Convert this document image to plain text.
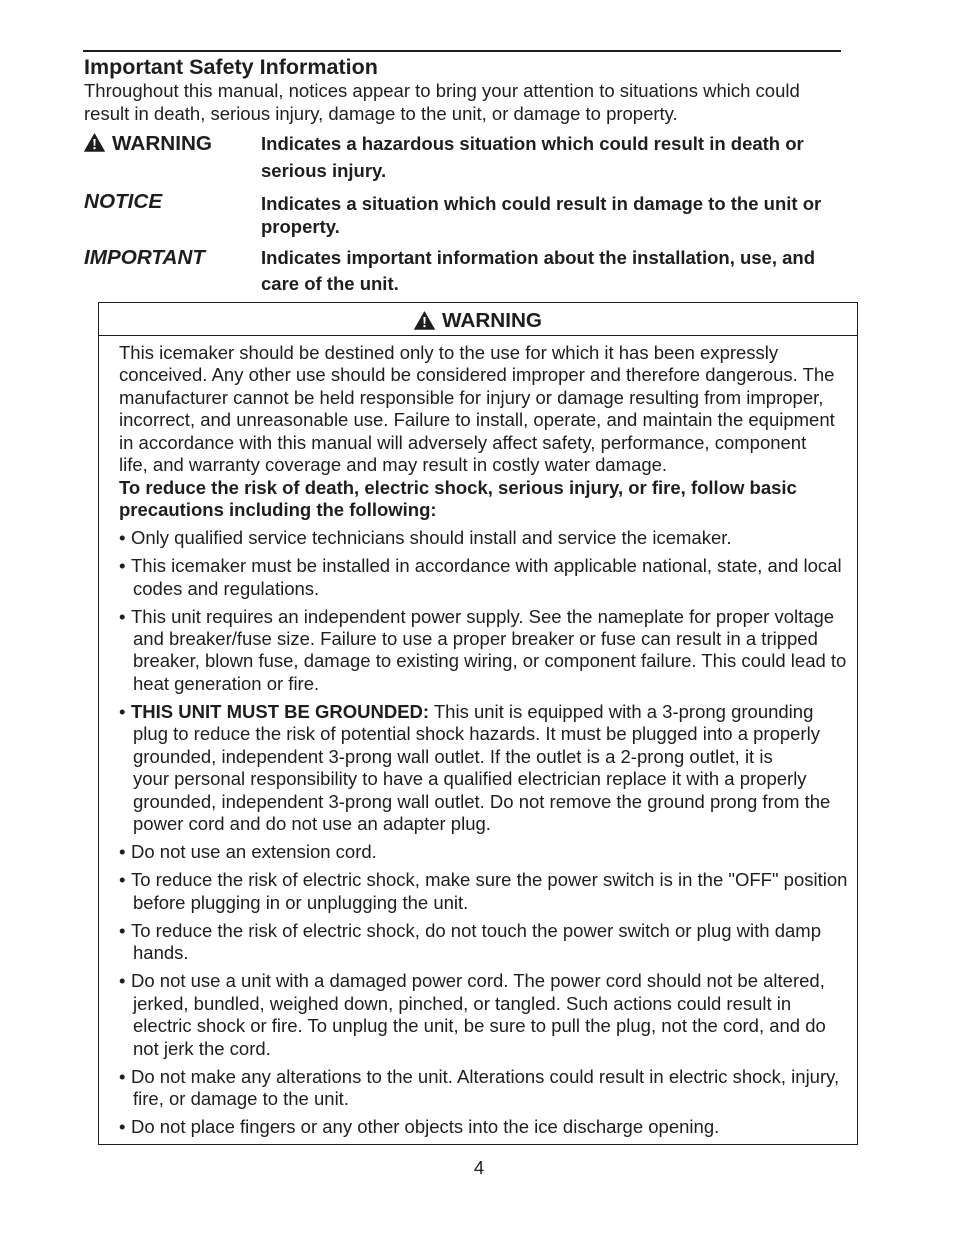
Important Safety Information
Throughout this manual, notices appear to bring your attention to situations which could
result in death, serious injury, damage to the unit, or damage to property.
WARNING	Indicates a hazardous situation which could result in death or
serious injury.
NOTICE	Indicates a situation which could result in damage to the unit or
property.
IMPORTANT	Indicates important information about the installation, use, and
care of the unit.
WARNING
This icemaker should be destined only to the use for which it has been expressly
conceived. Any other use should be considered improper and therefore dangerous. The
manufacturer cannot be held responsible for injury or damage resulting from improper,
incorrect, and unreasonable use. Failure to install, operate, and maintain the equipment
in accordance with this manual will adversely affect safety, performance, component
life, and warranty coverage and may result in costly water damage.
To reduce the risk of death, electric shock, serious injury, or fire, follow basic
precautions including the following:
• Only qualified service technicians should install and service the icemaker.
• This icemaker must be installed in accordance with applicable national, state, and local
codes and regulations.
• This unit requires an independent power supply. See the nameplate for proper voltage
and breaker/fuse size. Failure to use a proper breaker or fuse can result in a tripped
breaker, blown fuse, damage to existing wiring, or component failure. This could lead to
heat generation or fire.
• THIS UNIT MUST BE GROUNDED: This unit is equipped with a 3-prong grounding
plug to reduce the risk of potential shock hazards. It must be plugged into a properly
grounded, independent 3-prong wall outlet. If the outlet is a 2-prong outlet, it is
your personal responsibility to have a qualified electrician replace it with a properly
grounded, independent 3-prong wall outlet. Do not remove the ground prong from the
power cord and do not use an adapter plug.
• Do not use an extension cord.
• To reduce the risk of electric shock, make sure the power switch is in the "OFF" position
before plugging in or unplugging the unit.
• To reduce the risk of electric shock, do not touch the power switch or plug with damp
hands.
• Do not use a unit with a damaged power cord. The power cord should not be altered,
jerked, bundled, weighed down, pinched, or tangled. Such actions could result in
electric shock or fire. To unplug the unit, be sure to pull the plug, not the cord, and do
not jerk the cord.
• Do not make any alterations to the unit. Alterations could result in electric shock, injury,
fire, or damage to the unit.
• Do not place fingers or any other objects into the ice discharge opening.
4
